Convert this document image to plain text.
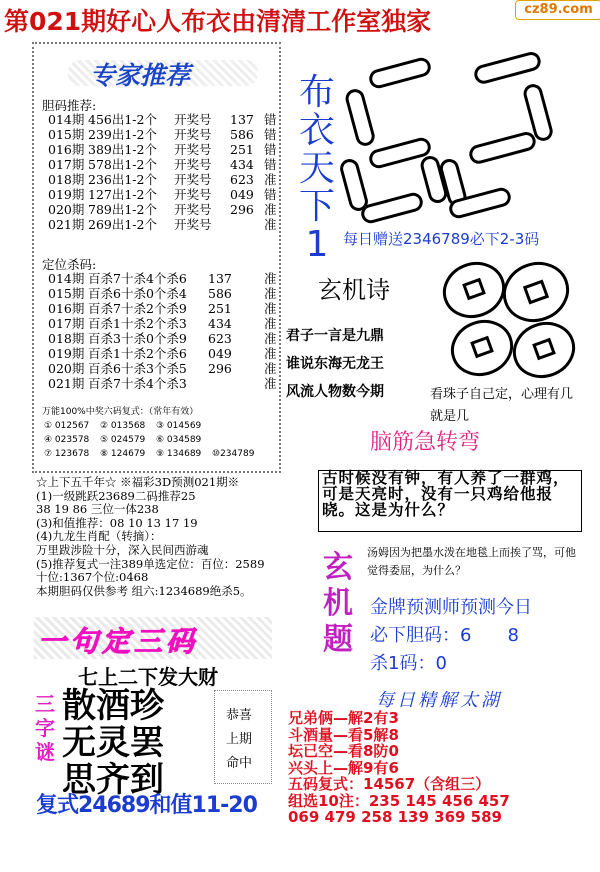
第021期好心人布衣由清清工作室独家	cz89.com
专家推荐
胆码推荐:
014期 456出1-2个 开奖号 137 错
015期 239出1-2个 开奖号 586 错
016期 389出1-2个 开奖号 251 错
017期 578出1-2个 开奖号 434 错
018期 236出1-2个 开奖号 623 准
019期 127出1-2个 开奖号 049 错
020期 789出1-2个 开奖号 296 准
021期 269出1-2个 开奖号	准
定位杀码:
014期 百杀7十杀4个杀6 137	准
015期 百杀6十杀0个杀4 586	准
016期 百杀7十杀2个杀9 251	准
017期 百杀1十杀2个杀3 434	准
018期 百杀3十杀0个杀9 623	准
019期 百杀1十杀2个杀6 049	准
020期 百杀6十杀3个杀5 296	准
021期 百杀7十杀4个杀3	准
万能100%中奖六码复式：（常年有效）
① 012567 ② 013568 ③ 014569
④ 023578 ⑤ 024579 ⑥ 034589
⑦ 123678 ⑧ 124679 ⑨ 134689 ⑩234789
☆上下五千年☆ ※福彩3D预测021期※
(1)一级跳跃23689二码推荐25
38 19 86 三位一体238
(3)和值推荐：08 10 13 17 19
(4)九龙生肖配（转摘）：
万里跋涉险十分，深入民间西游魂
(5)推荐复式一注389单选定位：百位：2589
十位:1367个位:0468
本期胆码仅供参考 组六:1234689绝杀5。
一句定三码
七上二下发大财
三字谜
散酒珍
无灵罢
思齐到
恭喜
上期
命中
复式24689和值11-20
布衣天下1 每日赠送2346789必下2-3码
玄机诗
君子一言是九鼎
谁说东海无龙王
风流人物数今期	看珠子自己定，心理有几就是几
脑筋急转弯
古时候没有钟，有人养了一群鸡，可是天亮时，没有一只鸡给他报晓。这是为什么？
玄机题
汤姆因为把墨水泼在地毯上而挨了骂，可他觉得委屈，为什么？
金牌预测师预测今日
必下胆码：6　　8
杀1码：0
每日精解太湖
兄弟俩—解2有3
斗酒量—看5解8
坛已空—看8防0
兴头上—解9有6
五码复式：14567（含组三）
组选10注：235 145 456 457
069 479 258 139 369 589
